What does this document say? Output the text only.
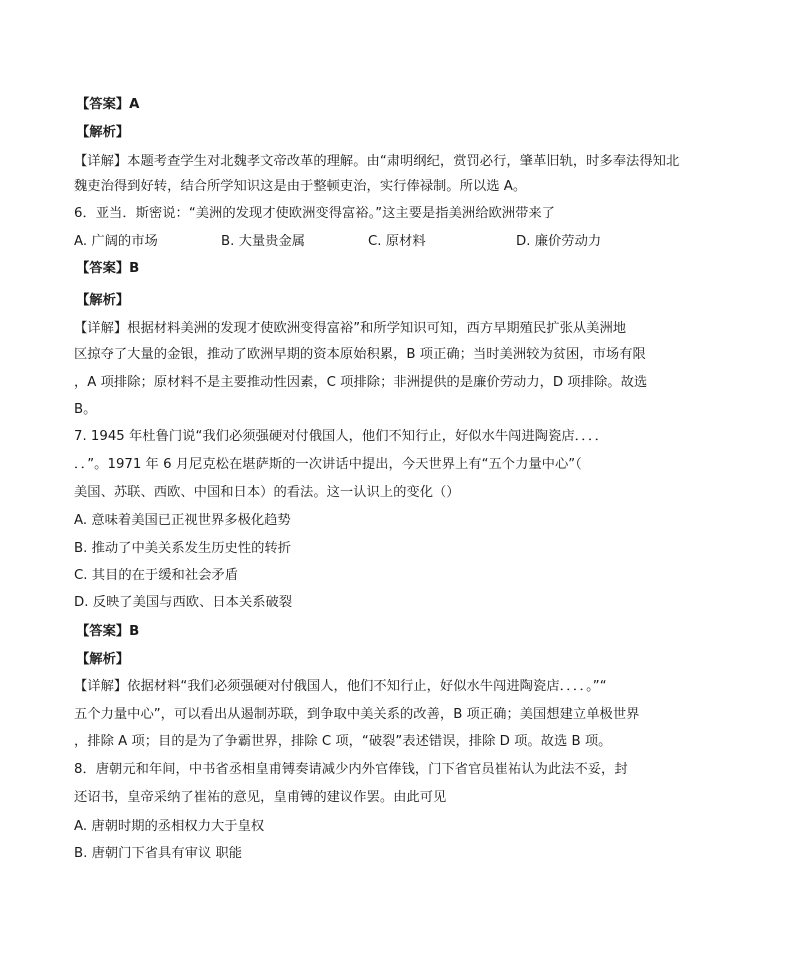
【答案】A
【解析】
【详解】本题考查学生对北魏孝文帝改革的理解。由“肃明纲纪，赏罚必行，肇革旧轨，时多奉法得知北
魏吏治得到好转，结合所学知识这是由于整顿吏治，实行俸禄制。所以选 A。
6．亚当．斯密说：“美洲的发现才使欧洲变得富裕。”这主要是指美洲给欧洲带来了
A. 广阔的市场	B. 大量贵金属	C. 原材料	D. 廉价劳动力
【答案】B
【解析】
【详解】根据材料美洲的发现才使欧洲变得富裕”和所学知识可知，西方早期殖民扩张从美洲地
区掠夺了大量的金银，推动了欧洲早期的资本原始积累，B 项正确；当时美洲较为贫困，市场有限
，A 项排除；原材料不是主要推动性因素，C 项排除；非洲提供的是廉价劳动力，D 项排除。故选
B。
7. 1945 年杜鲁门说“我们必须强硬对付俄国人，他们不知行止，好似水牛闯进陶瓷店．．．．
．．”。1971 年 6 月尼克松在堪萨斯的一次讲话中提出，今天世界上有“五个力量中心”（
美国、苏联、西欧、中国和日本）的看法。这一认识上的变化（）
A. 意味着美国已正视世界多极化趋势
B. 推动了中美关系发生历史性的转折
C. 其目的在于缓和社会矛盾
D. 反映了美国与西欧、日本关系破裂
【答案】B
【解析】
【详解】依据材料“我们必须强硬对付俄国人，他们不知行止，好似水牛闯进陶瓷店．．．．。”“
五个力量中心”，可以看出从遏制苏联，到争取中美关系的改善，B 项正确；美国想建立单极世界
，排除 A 项；目的是为了争霸世界，排除 C 项，“破裂”表述错误，排除 D 项。故选 B 项。
8．唐朝元和年间，中书省丞相皇甫镈奏请减少内外官俸钱，门下省官员崔祐认为此法不妥，封
还诏书，皇帝采纳了崔祐的意见，皇甫镈的建议作罢。由此可见
A. 唐朝时期的丞相权力大于皇权
B. 唐朝门下省具有审议 职能
